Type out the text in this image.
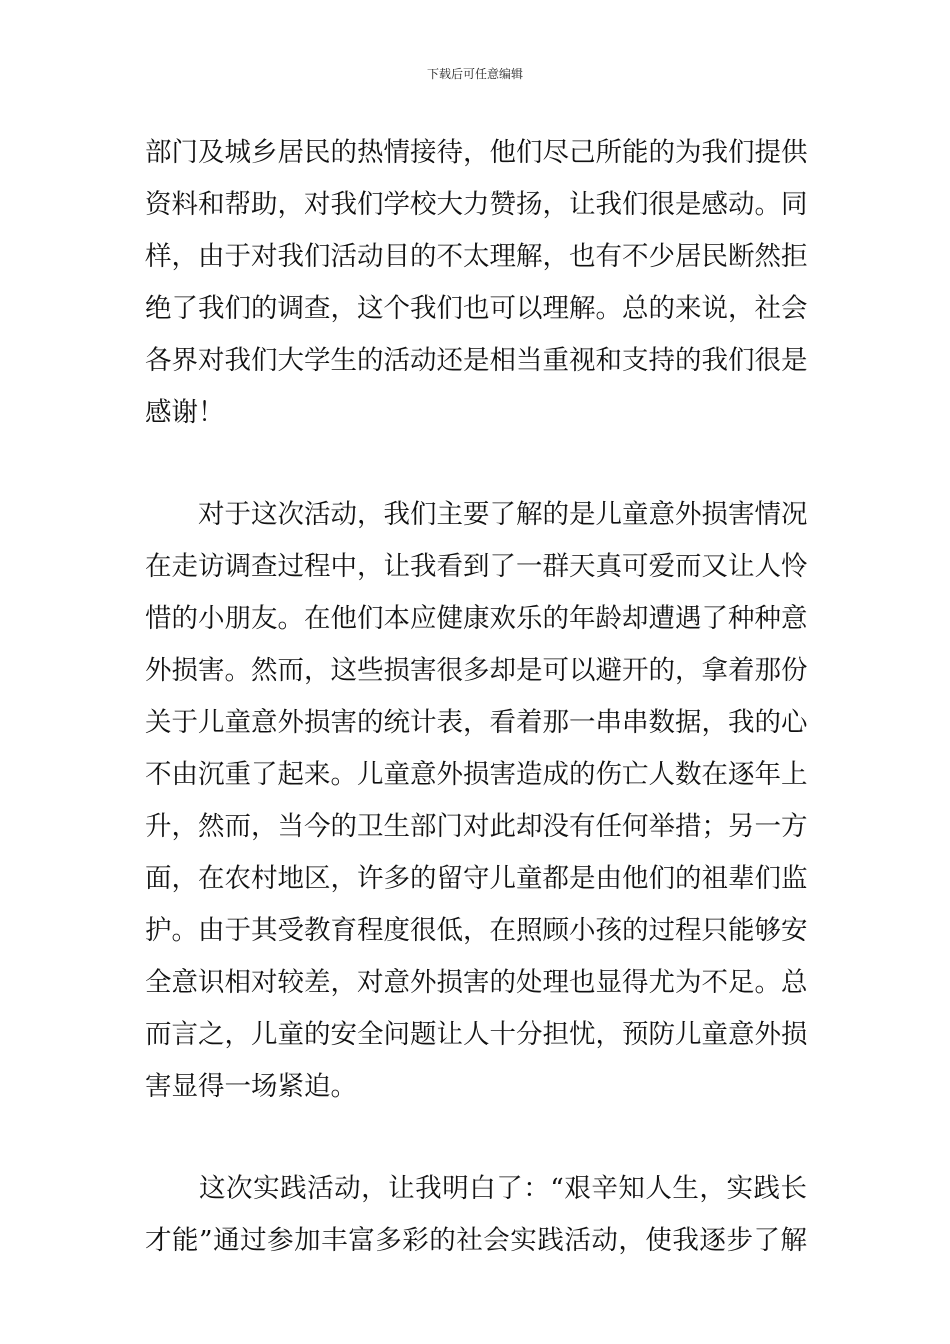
下载后可任意编辑
部门及城乡居民的热情接待，他们尽己所能的为我们提供
资料和帮助，对我们学校大力赞扬，让我们很是感动。同
样，由于对我们活动目的不太理解，也有不少居民断然拒
绝了我们的调查，这个我们也可以理解。总的来说，社会
各界对我们大学生的活动还是相当重视和支持的我们很是
感谢！
　　对于这次活动，我们主要了解的是儿童意外损害情况
在走访调查过程中，让我看到了一群天真可爱而又让人怜
惜的小朋友。在他们本应健康欢乐的年龄却遭遇了种种意
外损害。然而，这些损害很多却是可以避开的，拿着那份
关于儿童意外损害的统计表，看着那一串串数据，我的心
不由沉重了起来。儿童意外损害造成的伤亡人数在逐年上
升，然而，当今的卫生部门对此却没有任何举措；另一方
面，在农村地区，许多的留守儿童都是由他们的祖辈们监
护。由于其受教育程度很低，在照顾小孩的过程只能够安
全意识相对较差，对意外损害的处理也显得尤为不足。总
而言之，儿童的安全问题让人十分担忧，预防儿童意外损
害显得一场紧迫。
　　这次实践活动，让我明白了：“艰辛知人生，实践长
才能”通过参加丰富多彩的社会实践活动，使我逐步了解
